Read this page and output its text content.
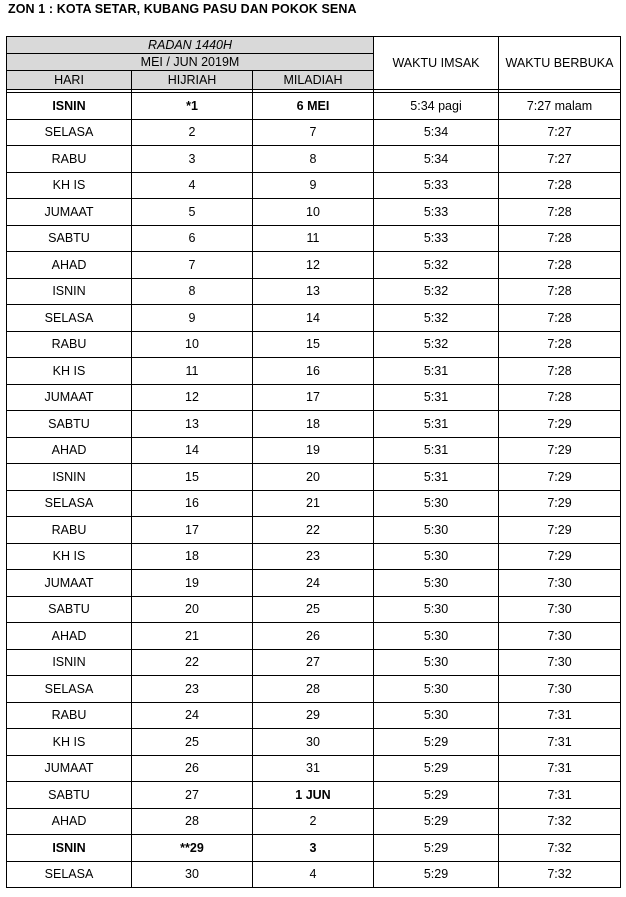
ZON 1 : KOTA SETAR, KUBANG PASU DAN POKOK SENA
RADAN 1440H			WAKTU IMSAK	WAKTU BERBUKA
MEI / JUN 2019M				
HARI	HIJRIAH	MILADIAH		

ISNIN	*1	6 MEI	5:34 pagi	7:27 malam
SELASA	2	7	5:34	7:27
RABU	3	8	5:34	7:27
KH IS	4	9	5:33	7:28
JUMAAT	5	10	5:33	7:28
SABTU	6	11	5:33	7:28
AHAD	7	12	5:32	7:28
ISNIN	8	13	5:32	7:28
SELASA	9	14	5:32	7:28
RABU	10	15	5:32	7:28
KH IS	11	16	5:31	7:28
JUMAAT	12	17	5:31	7:28
SABTU	13	18	5:31	7:29
AHAD	14	19	5:31	7:29
ISNIN	15	20	5:31	7:29
SELASA	16	21	5:30	7:29
RABU	17	22	5:30	7:29
KH IS	18	23	5:30	7:29
JUMAAT	19	24	5:30	7:30
SABTU	20	25	5:30	7:30
AHAD	21	26	5:30	7:30
ISNIN	22	27	5:30	7:30
SELASA	23	28	5:30	7:30
RABU	24	29	5:30	7:31
KH IS	25	30	5:29	7:31
JUMAAT	26	31	5:29	7:31
SABTU	27	1 JUN	5:29	7:31
AHAD	28	2	5:29	7:32
ISNIN	**29	3	5:29	7:32
SELASA	30	4	5:29	7:32
